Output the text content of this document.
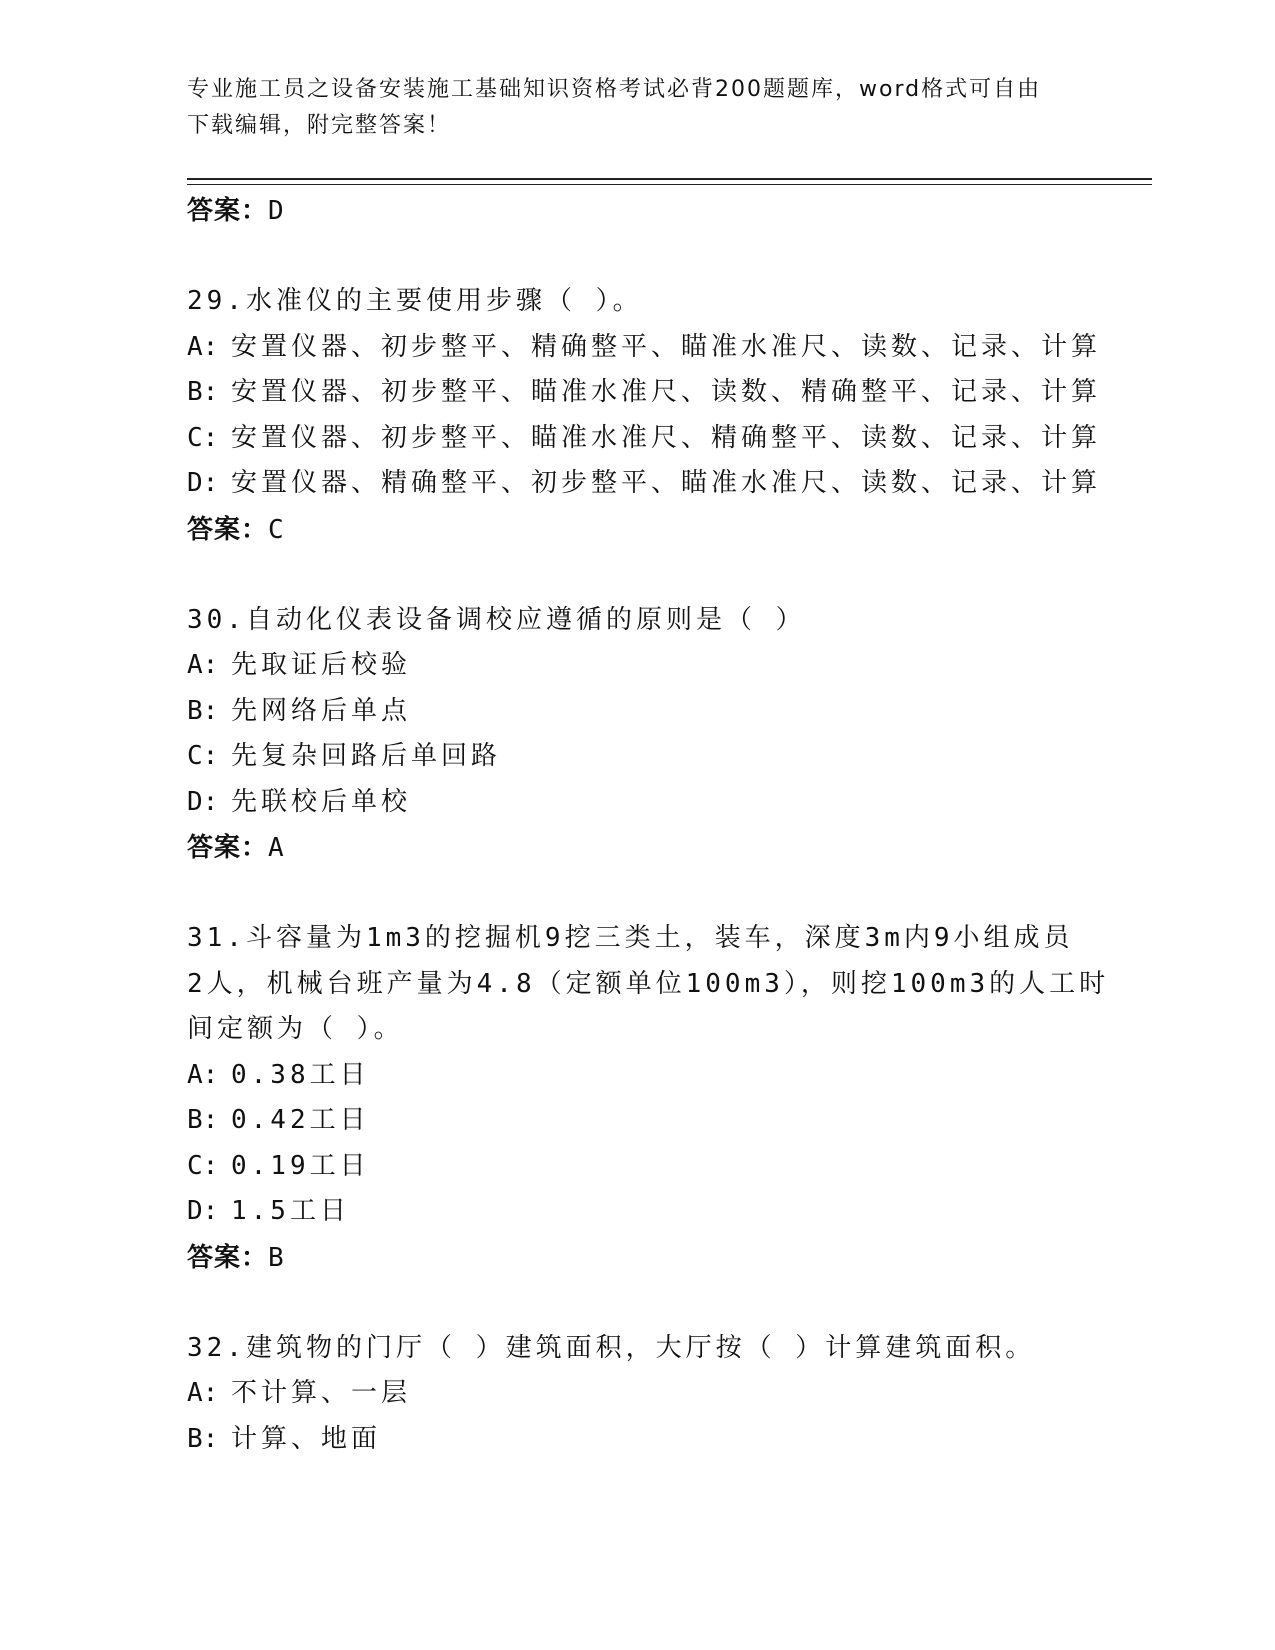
专业施工员之设备安装施工基础知识资格考试必背200题题库，word格式可自由
下载编辑，附完整答案！
答案：D
29.水准仪的主要使用步骤（ ）。
A: 安置仪器、初步整平、精确整平、瞄准水准尺、读数、记录、计算
B: 安置仪器、初步整平、瞄准水准尺、读数、精确整平、记录、计算
C: 安置仪器、初步整平、瞄准水准尺、精确整平、读数、记录、计算
D: 安置仪器、精确整平、初步整平、瞄准水准尺、读数、记录、计算
答案：C
30.自动化仪表设备调校应遵循的原则是（ ）
A: 先取证后校验
B: 先网络后单点
C: 先复杂回路后单回路
D: 先联校后单校
答案：A
31.斗容量为1m3的挖掘机9挖三类土，装车，深度3m内9小组成员
2人，机械台班产量为4.8（定额单位100m3），则挖100m3的人工时
间定额为（ ）。
A: 0.38工日
B: 0.42工日
C: 0.19工日
D: 1.5工日
答案：B
32.建筑物的门厅（ ）建筑面积，大厅按（ ）计算建筑面积。
A: 不计算、一层
B: 计算、地面
